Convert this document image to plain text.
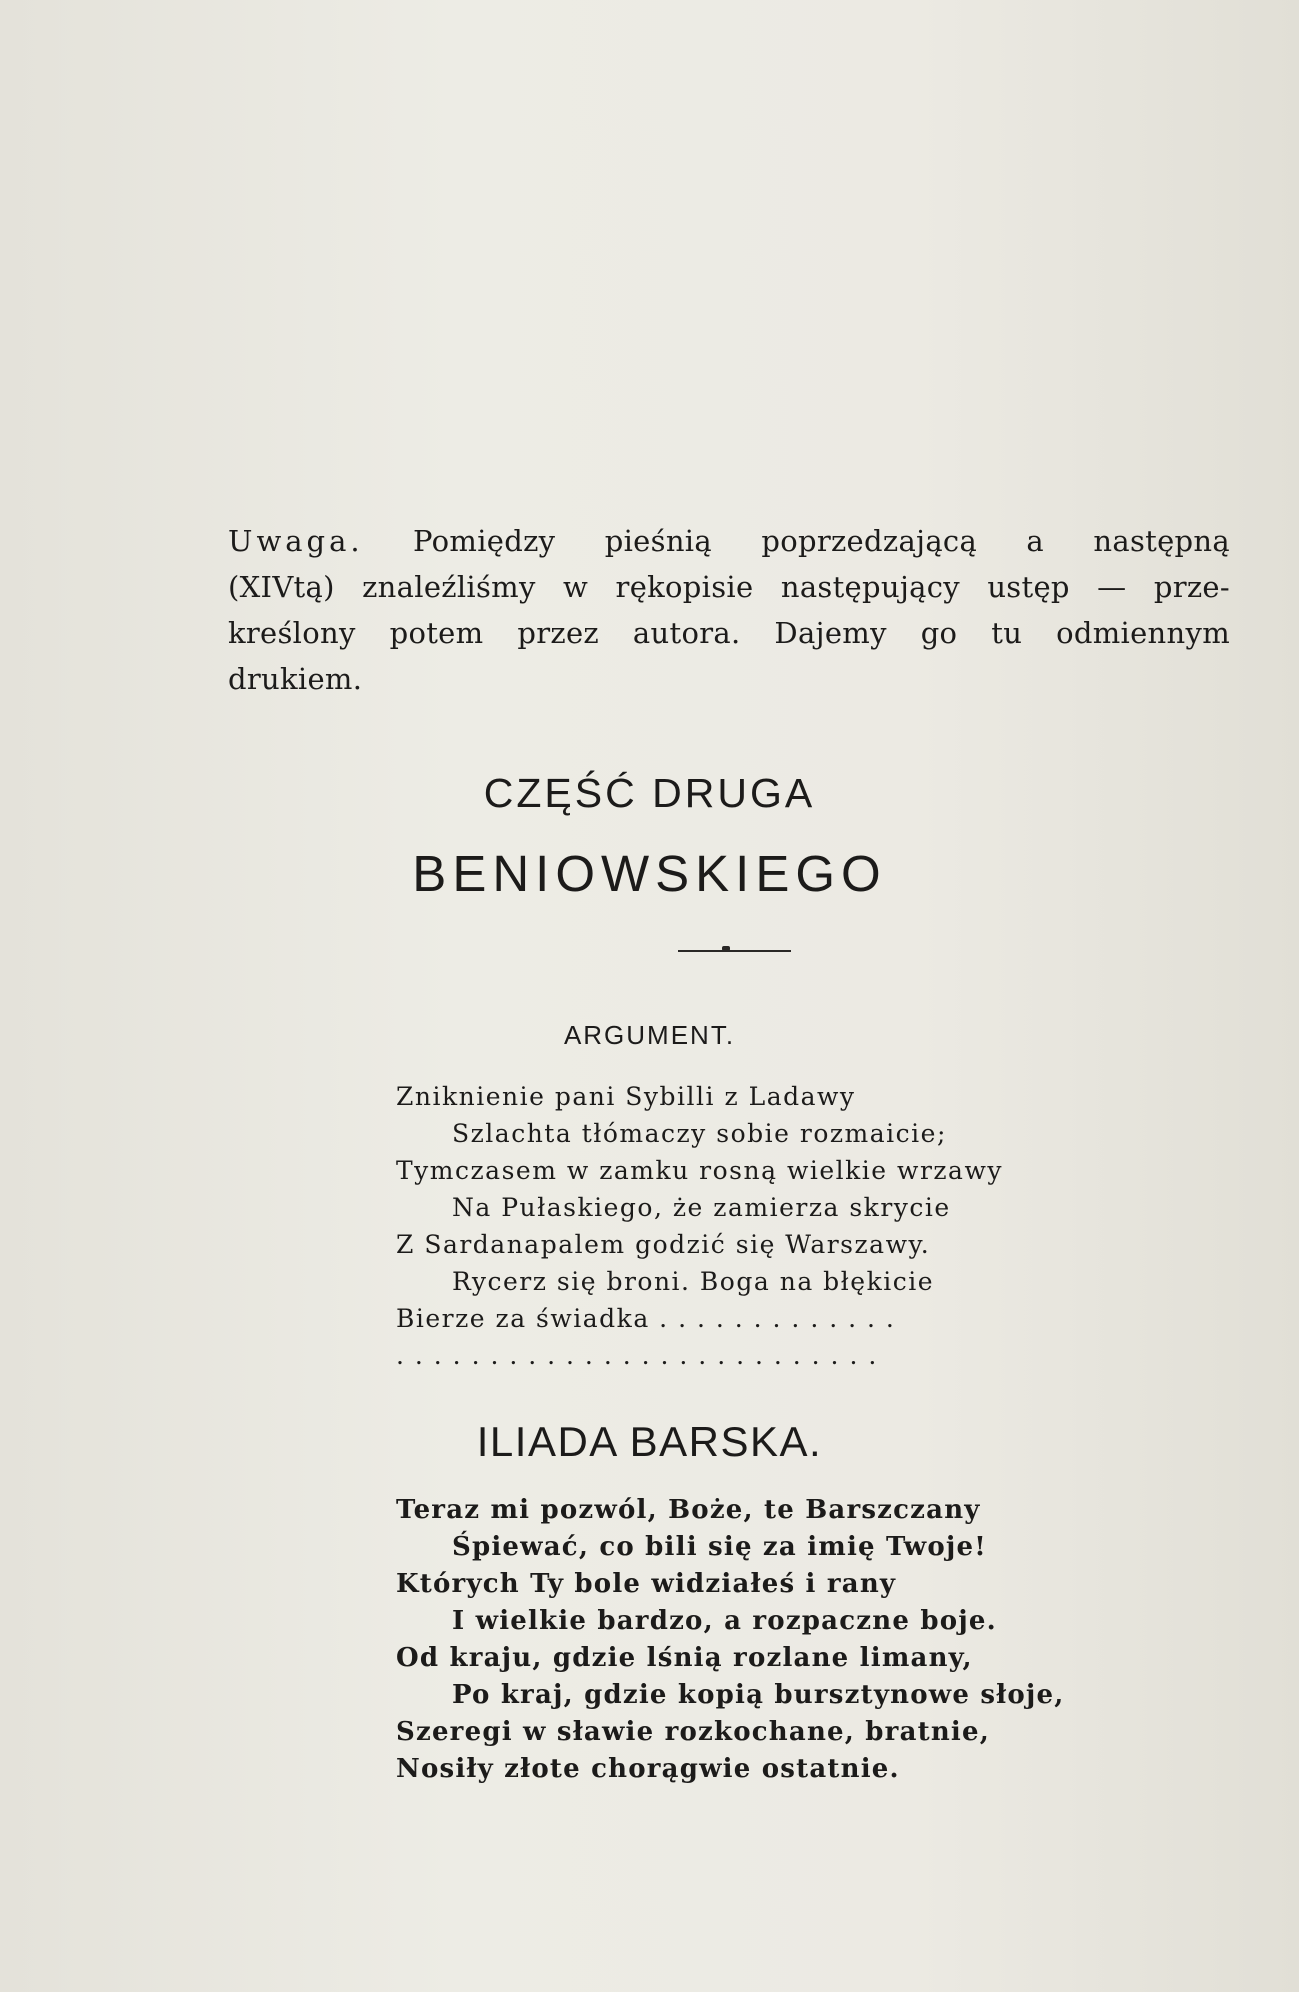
Uwaga. Pomiędzy pieśnią poprzedzającą a następną
(XIVtą) znaleźliśmy w rękopisie następujący ustęp — prze-
kreślony potem przez autora. Dajemy go tu odmiennym
drukiem.
CZĘŚĆ DRUGA
BENIOWSKIEGO
ARGUMENT.
Zniknienie pani Sybilli z Ladawy
Szlachta tłómaczy sobie rozmaicie;
Tymczasem w zamku rosną wielkie wrzawy
Na Pułaskiego, że zamierza skrycie
Z Sardanapalem godzić się Warszawy.
Rycerz się broni. Boga na błękicie
Bierze za świadka . . . . . . . . . . . . .
. . . . . . . . . . . . . . . . . . . . . . . . . .
ILIADA BARSKA.
Teraz mi pozwól, Boże, te Barszczany
Śpiewać, co bili się za imię Twoje!
Których Ty bole widziałeś i rany
I wielkie bardzo, a rozpaczne boje.
Od kraju, gdzie lśnią rozlane limany,
Po kraj, gdzie kopią bursztynowe słoje,
Szeregi w sławie rozkochane, bratnie,
Nosiły złote chorągwie ostatnie.
